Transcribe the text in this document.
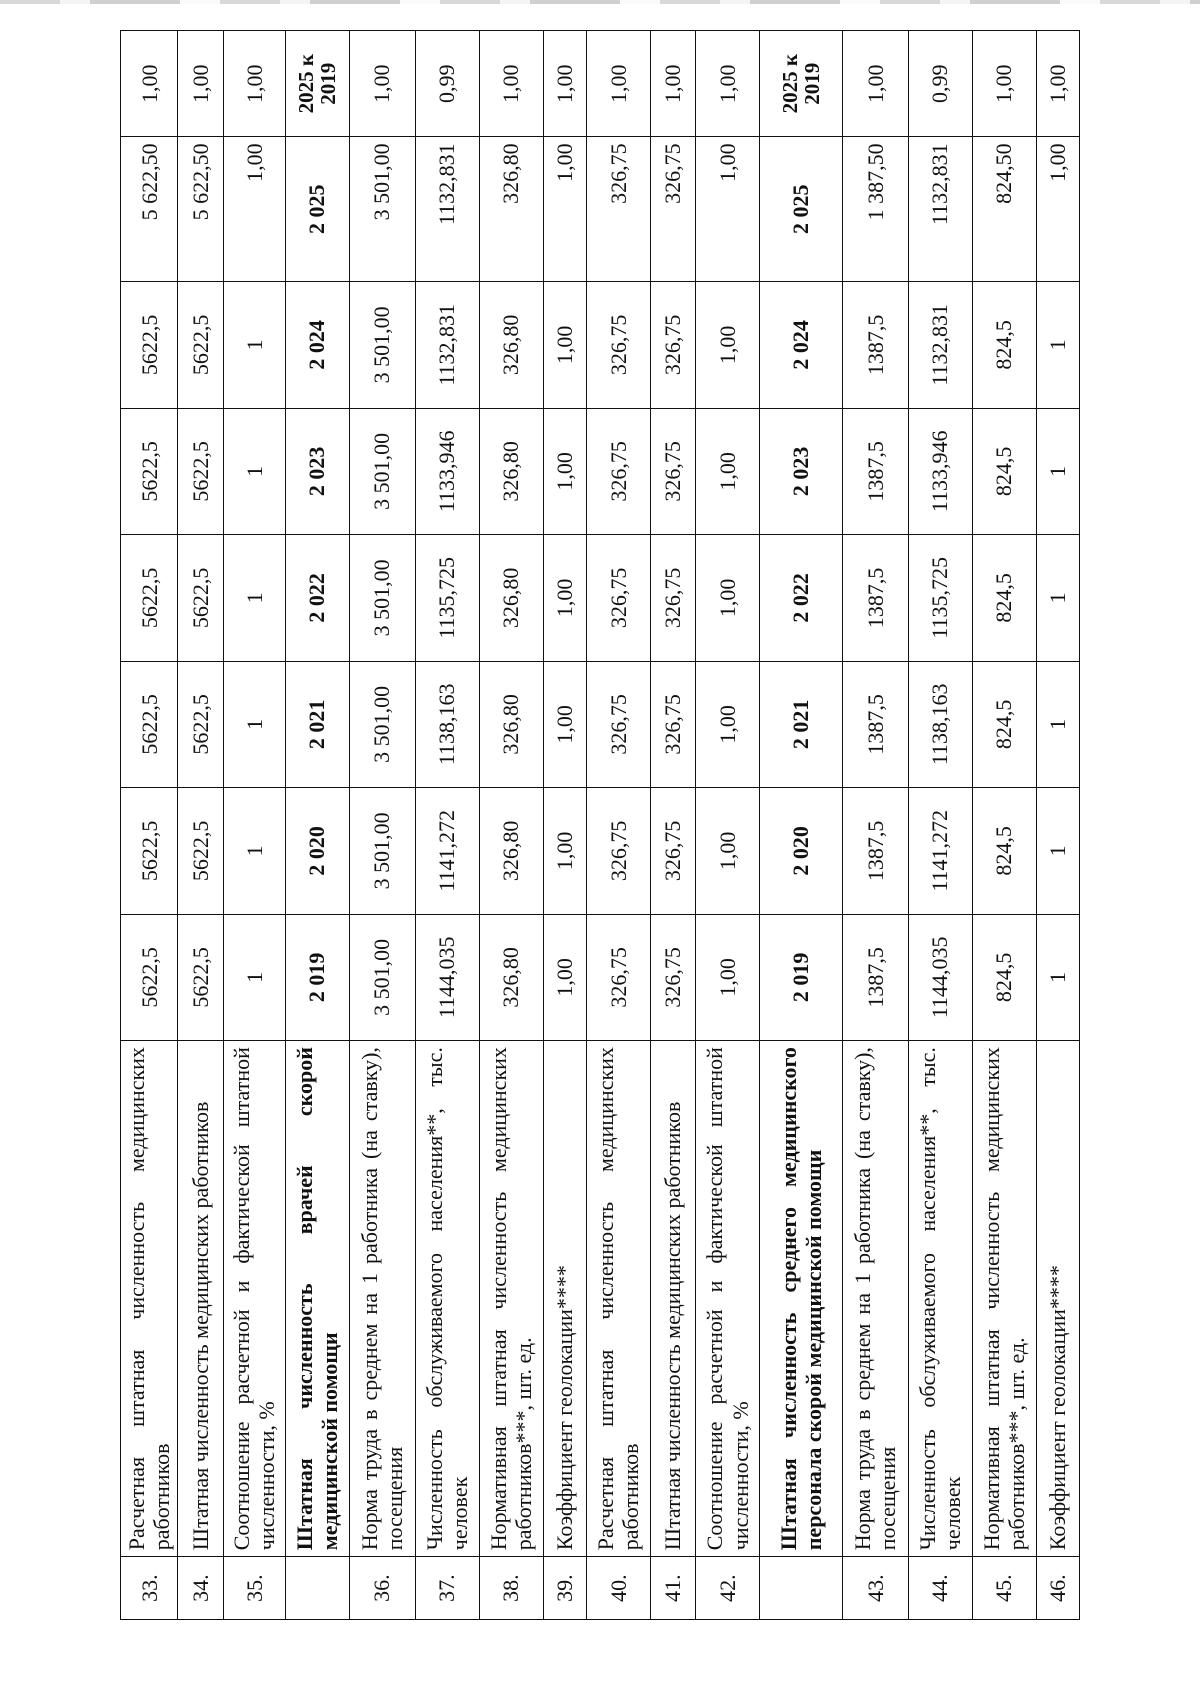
33.	Расчетная штатная численность медицинских работников	5622,5	5622,5	5622,5	5622,5	5622,5	5622,5	5 622,50	1,00
34.	Штатная численность медицинских работников	5622,5	5622,5	5622,5	5622,5	5622,5	5622,5	5 622,50	1,00
35.	Соотношение расчетной и фактической штатной численности, %	1	1	1	1	1	1	1,00	1,00
	Штатная численность врачей скорой медицинской помощи	2 019	2 020	2 021	2 022	2 023	2 024	2 025	2025 к 2019
36.	Норма труда в среднем на 1 работника (на ставку), посещения	3 501,00	3 501,00	3 501,00	3 501,00	3 501,00	3 501,00	3 501,00	1,00
37.	Численность обслуживаемого населения**, тыс. человек	1144,035	1141,272	1138,163	1135,725	1133,946	1132,831	1132,831	0,99
38.	Нормативная штатная численность медицинских работников***, шт. ед.	326,80	326,80	326,80	326,80	326,80	326,80	326,80	1,00
39.	Коэффициент геолокации****	1,00	1,00	1,00	1,00	1,00	1,00	1,00	1,00
40.	Расчетная штатная численность медицинских работников	326,75	326,75	326,75	326,75	326,75	326,75	326,75	1,00
41.	Штатная численность медицинских работников	326,75	326,75	326,75	326,75	326,75	326,75	326,75	1,00
42.	Соотношение расчетной и фактической штатной численности, %	1,00	1,00	1,00	1,00	1,00	1,00	1,00	1,00
	Штатная численность среднего медицинского персонала скорой медицинской помощи	2 019	2 020	2 021	2 022	2 023	2 024	2 025	2025 к 2019
43.	Норма труда в среднем на 1 работника (на ставку), посещения	1387,5	1387,5	1387,5	1387,5	1387,5	1387,5	1 387,50	1,00
44.	Численность обслуживаемого населения**, тыс. человек	1144,035	1141,272	1138,163	1135,725	1133,946	1132,831	1132,831	0,99
45.	Нормативная штатная численность медицинских работников***, шт. ед.	824,5	824,5	824,5	824,5	824,5	824,5	824,50	1,00
46.	Коэффициент геолокации****	1	1	1	1	1	1	1,00	1,00
